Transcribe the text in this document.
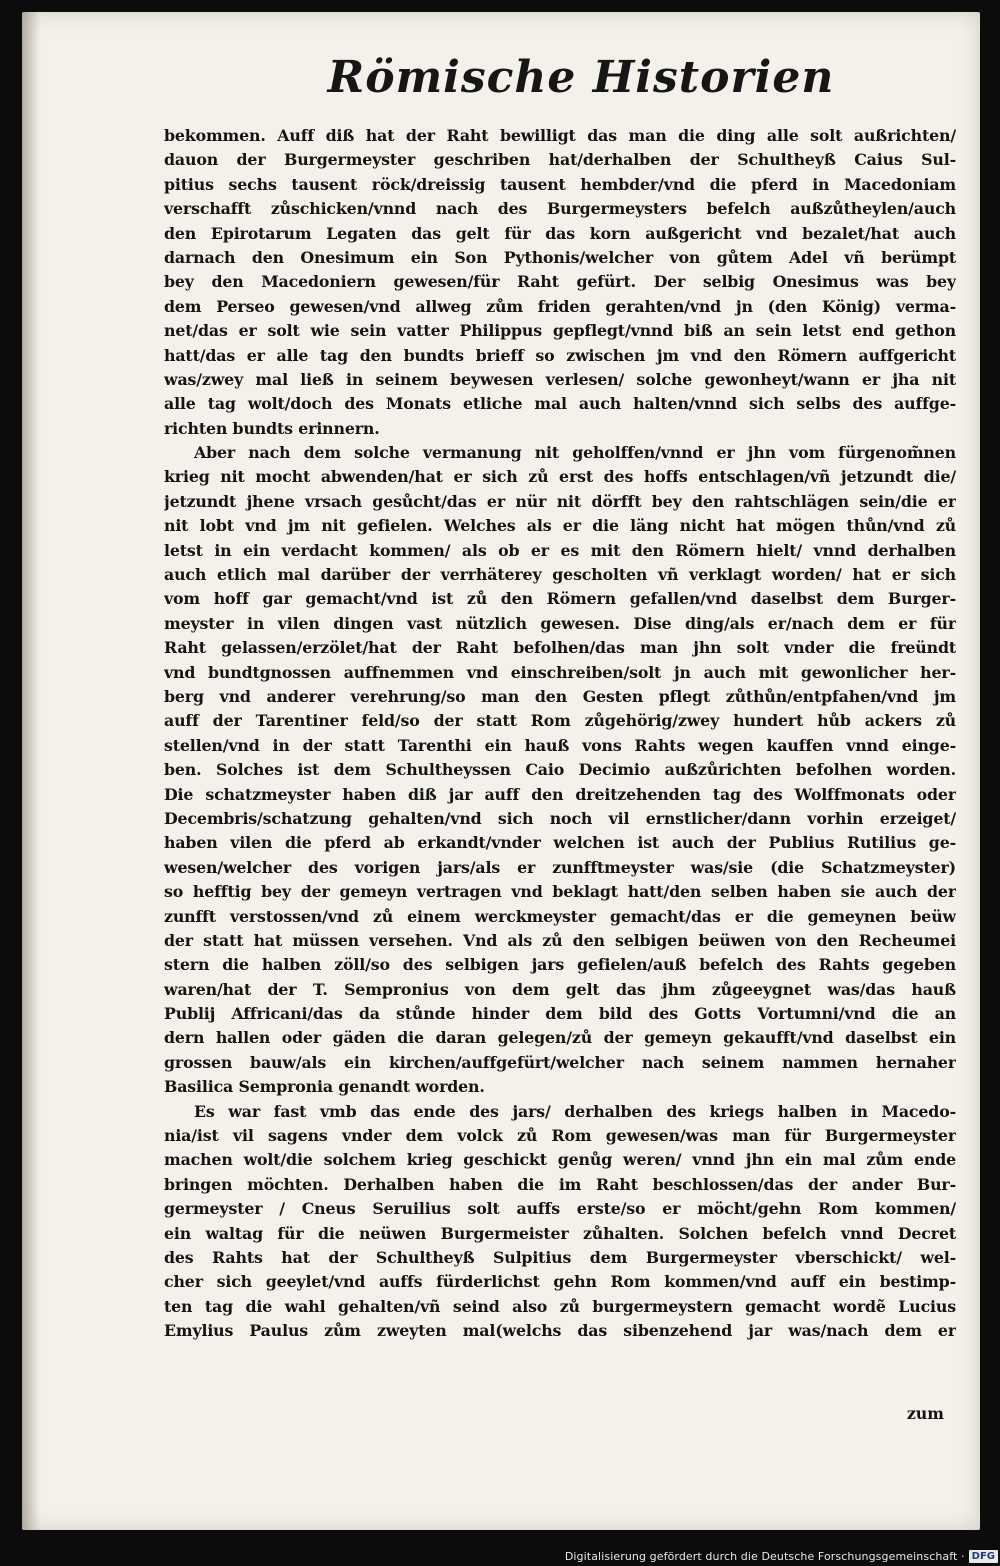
Römische Historien
bekommen. Auff diß hat der Raht bewilligt das man die ding alle solt außrichten/
dauon der Burgermeyster geschriben hat/derhalben der Schultheyß Caius Sul-
pitius sechs tausent röck/dreissig tausent hembder/vnd die pferd in Macedoniam
verschafft zůschicken/vnnd nach des Burgermeysters befelch außzůtheylen/auch
den Epirotarum Legaten das gelt für das korn außgericht vnd bezalet/hat auch
darnach den Onesimum ein Son Pythonis/welcher von gůtem Adel vñ berümpt
bey den Macedoniern gewesen/für Raht gefürt. Der selbig Onesimus was bey
dem Perseo gewesen/vnd allweg zům friden gerahten/vnd jn (den König) verma-
net/das er solt wie sein vatter Philippus gepflegt/vnnd biß an sein letst end gethon
hatt/das er alle tag den bundts brieff so zwischen jm vnd den Römern auffgericht
was/zwey mal ließ in seinem beywesen verlesen/ solche gewonheyt/wann er jha nit
alle tag wolt/doch des Monats etliche mal auch halten/vnnd sich selbs des auffge-
richten bundts erinnern.
Aber nach dem solche vermanung nit geholffen/vnnd er jhn vom fürgenom̃nen
krieg nit mocht abwenden/hat er sich zů erst des hoffs entschlagen/vñ jetzundt die/
jetzundt jhene vrsach gesůcht/das er nür nit dörfft bey den rahtschlägen sein/die er
nit lobt vnd jm nit gefielen. Welches als er die läng nicht hat mögen thůn/vnd zů
letst in ein verdacht kommen/ als ob er es mit den Römern hielt/ vnnd derhalben
auch etlich mal darüber der verrhäterey gescholten vñ verklagt worden/ hat er sich
vom hoff gar gemacht/vnd ist zů den Römern gefallen/vnd daselbst dem Burger-
meyster in vilen dingen vast nützlich gewesen. Dise ding/als er/nach dem er für
Raht gelassen/erzölet/hat der Raht befolhen/das man jhn solt vnder die freündt
vnd bundtgnossen auffnemmen vnd einschreiben/solt jn auch mit gewonlicher her-
berg vnd anderer verehrung/so man den Gesten pflegt zůthůn/entpfahen/vnd jm
auff der Tarentiner feld/so der statt Rom zůgehörig/zwey hundert hůb ackers zů
stellen/vnd in der statt Tarenthi ein hauß vons Rahts wegen kauffen vnnd einge-
ben. Solches ist dem Schultheyssen Caio Decimio außzůrichten befolhen worden.
Die schatzmeyster haben diß jar auff den dreitzehenden tag des Wolffmonats oder
Decembris/schatzung gehalten/vnd sich noch vil ernstlicher/dann vorhin erzeiget/
haben vilen die pferd ab erkandt/vnder welchen ist auch der Publius Rutilius ge-
wesen/welcher des vorigen jars/als er zunfftmeyster was/sie (die Schatzmeyster)
so hefftig bey der gemeyn vertragen vnd beklagt hatt/den selben haben sie auch der
zunfft verstossen/vnd zů einem werckmeyster gemacht/das er die gemeynen beüw
der statt hat müssen versehen. Vnd als zů den selbigen beüwen von den Recheumei
stern die halben zöll/so des selbigen jars gefielen/auß befelch des Rahts gegeben
waren/hat der T. Sempronius von dem gelt das jhm zůgeeygnet was/das hauß
Publij Affricani/das da stůnde hinder dem bild des Gotts Vortumni/vnd die an
dern hallen oder gäden die daran gelegen/zů der gemeyn gekaufft/vnd daselbst ein
grossen bauw/als ein kirchen/auffgefürt/welcher nach seinem nammen hernaher
Basilica Sempronia genandt worden.
Es war fast vmb das ende des jars/ derhalben des kriegs halben in Macedo-
nia/ist vil sagens vnder dem volck zů Rom gewesen/was man für Burgermeyster
machen wolt/die solchem krieg geschickt genůg weren/ vnnd jhn ein mal zům ende
bringen möchten. Derhalben haben die im Raht beschlossen/das der ander Bur-
germeyster / Cneus Seruilius solt auffs erste/so er möcht/gehn Rom kommen/
ein waltag für die neüwen Burgermeister zůhalten. Solchen befelch vnnd Decret
des Rahts hat der Schultheyß Sulpitius dem Burgermeyster vberschickt/ wel-
cher sich geeylet/vnd auffs fürderlichst gehn Rom kommen/vnd auff ein bestimp-
ten tag die wahl gehalten/vñ seind also zů burgermeystern gemacht wordẽ Lucius
Emylius Paulus zům zweyten mal(welchs das sibenzehend jar was/nach dem er
zum
Digitalisierung gefördert durch die Deutsche Forschungsgemeinschaft · DFG
